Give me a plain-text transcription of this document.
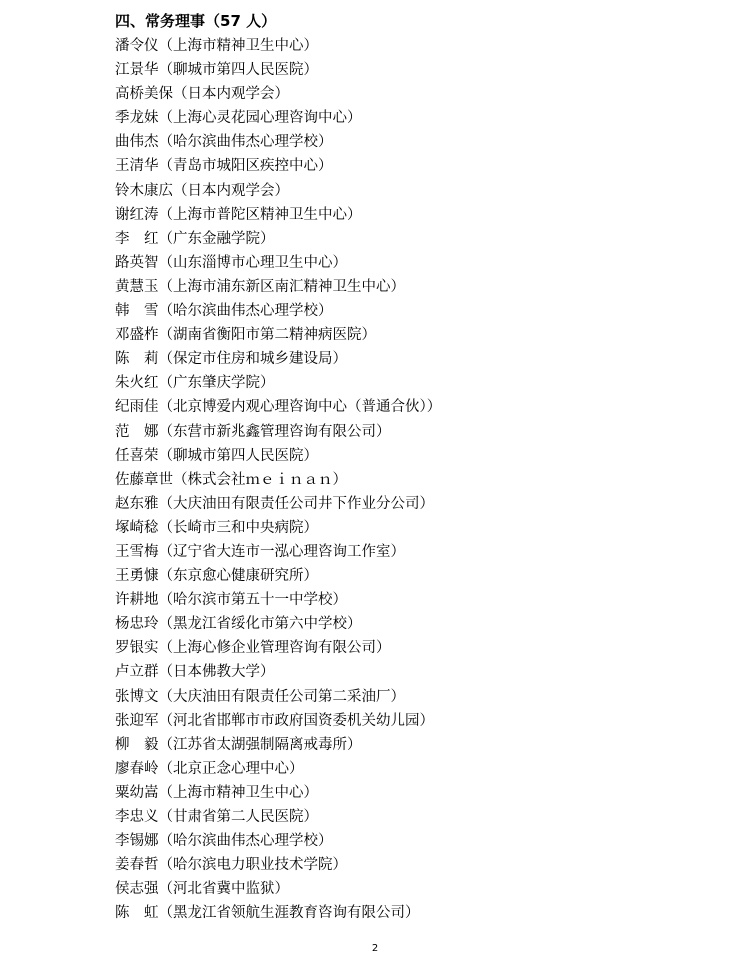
四、常务理事（57 人）
潘令仪（上海市精神卫生中心）
江景华（聊城市第四人民医院）
高桥美保（日本内观学会）
季龙妹（上海心灵花园心理咨询中心）
曲伟杰（哈尔滨曲伟杰心理学校）
王清华（青岛市城阳区疾控中心）
铃木康広（日本内观学会）
谢红涛（上海市普陀区精神卫生中心）
李　红（广东金融学院）
路英智（山东淄博市心理卫生中心）
黄慧玉（上海市浦东新区南汇精神卫生中心）
韩　雪（哈尔滨曲伟杰心理学校）
邓盛柞（湖南省衡阳市第二精神病医院）
陈　莉（保定市住房和城乡建设局）
朱火红（广东肇庆学院）
纪雨佳（北京博爱内观心理咨询中心（普通合伙））
范　娜（东营市新兆鑫管理咨询有限公司）
任喜荣（聊城市第四人民医院）
佐藤章世（株式会社ｍｅｉｎａｎ）
赵东雅（大庆油田有限责任公司井下作业分公司）
塚崎稔（长崎市三和中央病院）
王雪梅（辽宁省大连市一泓心理咨询工作室）
王勇慷（东京愈心健康研究所）
许耕地（哈尔滨市第五十一中学校）
杨忠玲（黑龙江省绥化市第六中学校）
罗银实（上海心修企业管理咨询有限公司）
卢立群（日本佛教大学）
张博文（大庆油田有限责任公司第二采油厂）
张迎军（河北省邯郸市市政府国资委机关幼儿园）
柳　毅（江苏省太湖强制隔离戒毒所）
廖春岭（北京正念心理中心）
粟幼嵩（上海市精神卫生中心）
李忠义（甘肃省第二人民医院）
李锡娜（哈尔滨曲伟杰心理学校）
姜春哲（哈尔滨电力职业技术学院）
侯志强（河北省冀中监狱）
陈　虹（黑龙江省领航生涯教育咨询有限公司）
2
